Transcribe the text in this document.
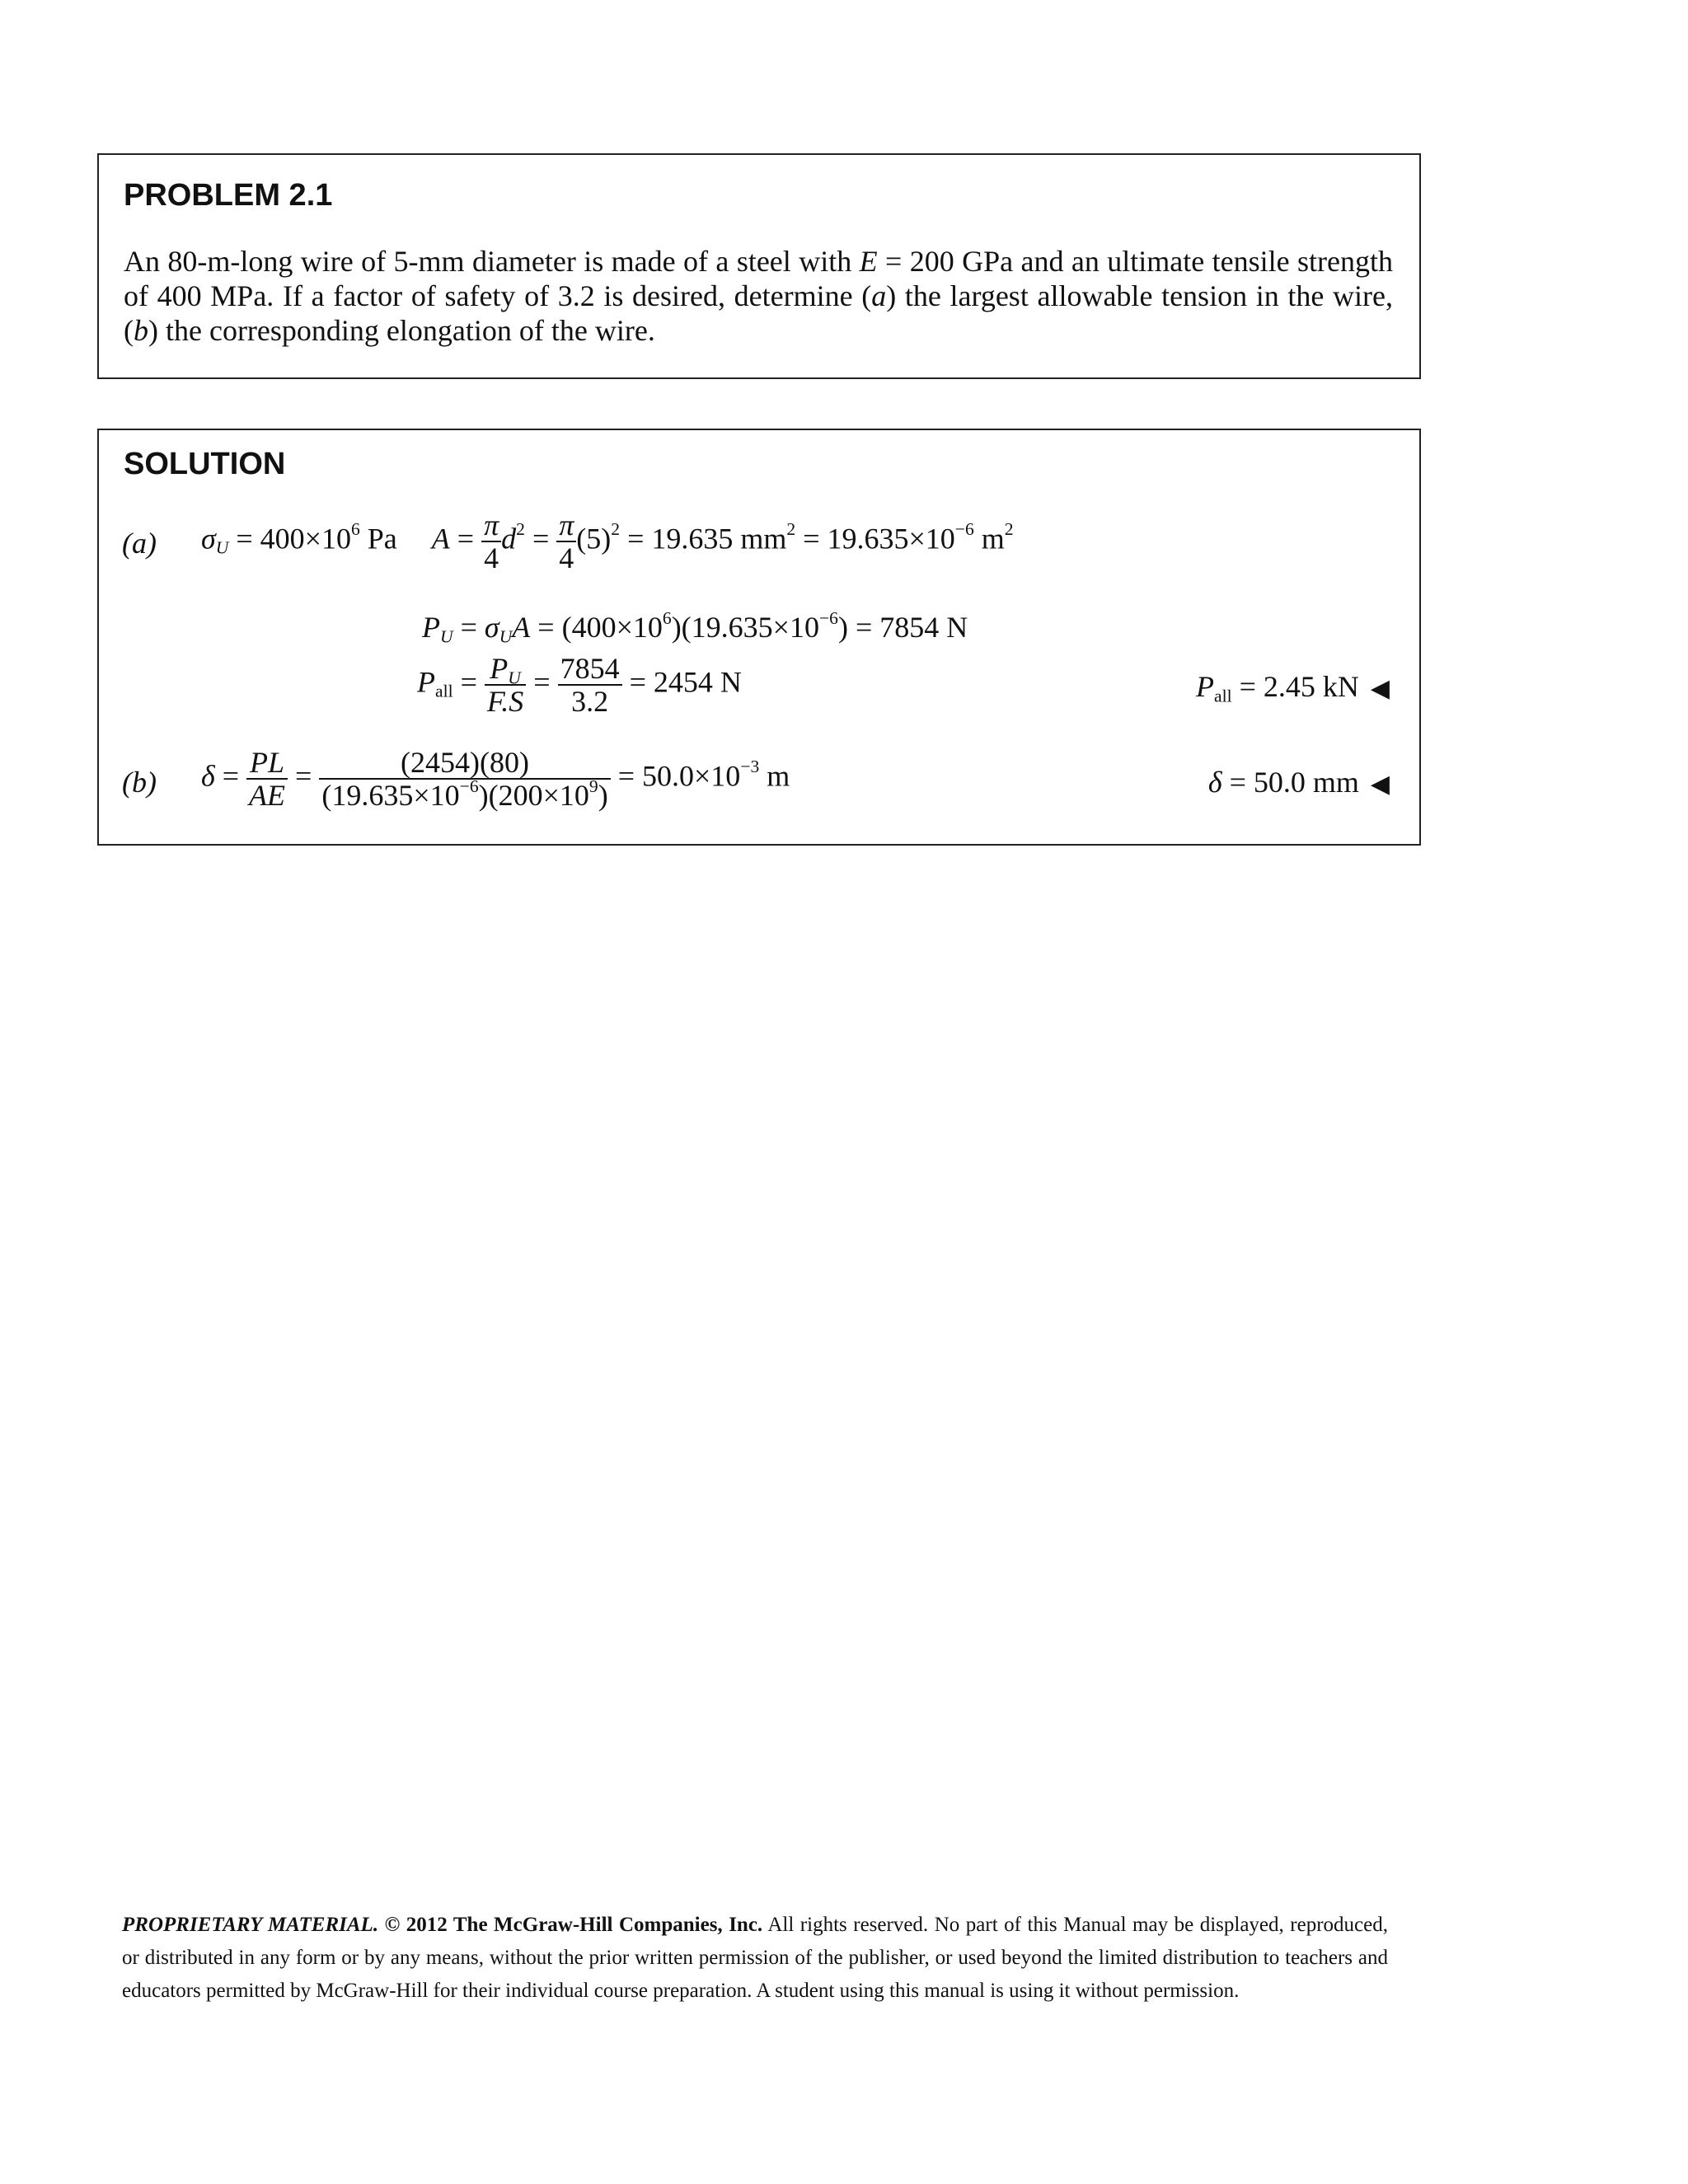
PROBLEM 2.1

An 80-m-long wire of 5-mm diameter is made of a steel with E = 200 GPa and an ultimate tensile strength of 400 MPa. If a factor of safety of 3.2 is desired, determine (a) the largest allowable tension in the wire, (b) the corresponding elongation of the wire.

SOLUTION
(a) $\sigma_U = 400\times 10^6$ Pa $A = \frac{\pi}{4} d^2 = \frac{\pi}{4} (5)^2 = 19.635$ $mm^2 = 19.635\times 10^{-6}$ $m^2$
$P_U = \sigma_UA = (400\times 10^6)(19.635\times 10^{-6}) = 7854$ N
$P_{all} = \frac{P_U}{F.S} = \frac{7854}{3.2} = 2454$ N	$P_{all} = 2.45$ kN ◀
(b) $\delta = \frac{PL}{AE} = \frac{(2454)(80)}{(19.635\times 10^{-6})(200\times 10^9)} = 50.0\times 10^{-3}$ m	δ = 50.0 mm ◀

PROPRIETARY MATERIAL. © 2012 The McGraw-Hill Companies, Inc. All rights reserved. No part of this Manual may be displayed, reproduced, or distributed in any form or by any means, without the prior written permission of the publisher, or used beyond the limited distribution to teachers and educators permitted by McGraw-Hill for their individual course preparation. A student using this manual is using it without permission.
